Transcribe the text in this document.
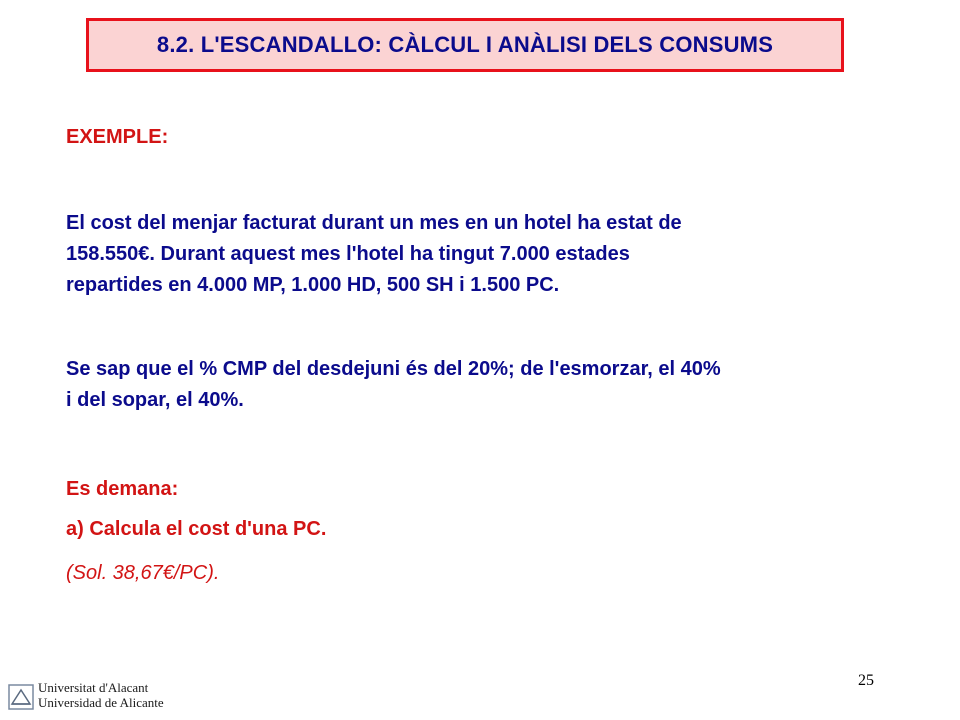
8.2. L'ESCANDALLO: CÀLCUL I ANÀLISI DELS CONSUMS
EXEMPLE:
El cost del menjar facturat durant un mes en un hotel ha estat de
158.550€. Durant aquest mes l'hotel ha tingut 7.000 estades
repartides en 4.000 MP, 1.000 HD, 500 SH i 1.500 PC.
Se sap que el % CMP del desdejuni és del 20%; de l'esmorzar, el 40%
i del sopar, el 40%.
Es demana:
a) Calcula el cost d'una PC.
(Sol. 38,67€/PC).
25
Universitat d'Alacant
Universidad de Alicante
